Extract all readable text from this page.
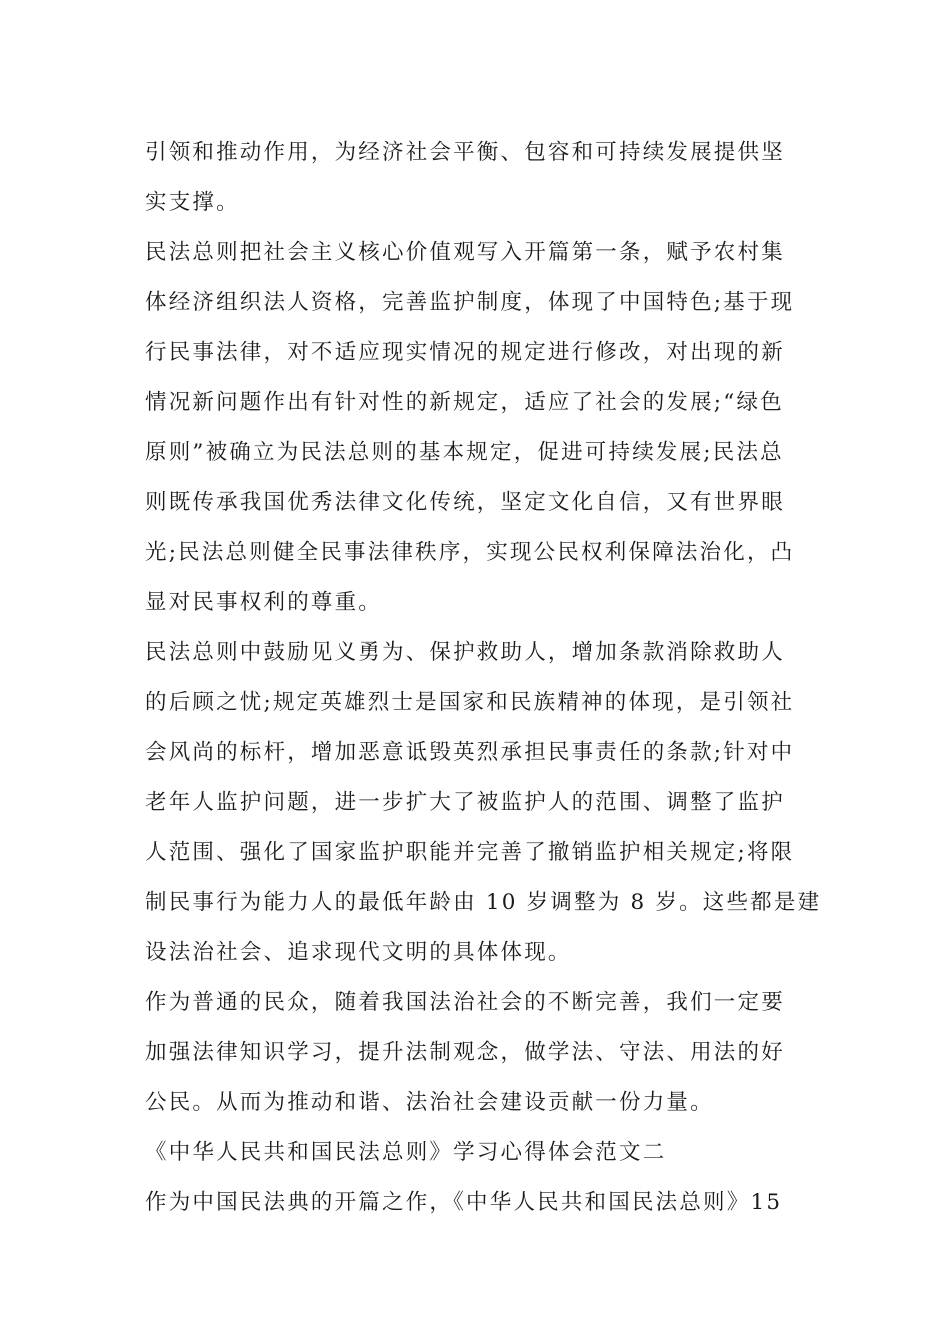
引领和推动作用，为经济社会平衡、包容和可持续发展提供坚
实支撑。
民法总则把社会主义核心价值观写入开篇第一条，赋予农村集
体经济组织法人资格，完善监护制度，体现了中国特色;基于现
行民事法律，对不适应现实情况的规定进行修改，对出现的新
情况新问题作出有针对性的新规定，适应了社会的发展;“绿色
原则”被确立为民法总则的基本规定，促进可持续发展;民法总
则既传承我国优秀法律文化传统，坚定文化自信，又有世界眼
光;民法总则健全民事法律秩序，实现公民权利保障法治化，凸
显对民事权利的尊重。
民法总则中鼓励见义勇为、保护救助人，增加条款消除救助人
的后顾之忧;规定英雄烈士是国家和民族精神的体现，是引领社
会风尚的标杆，增加恶意诋毁英烈承担民事责任的条款;针对中
老年人监护问题，进一步扩大了被监护人的范围、调整了监护
人范围、强化了国家监护职能并完善了撤销监护相关规定;将限
制民事行为能力人的最低年龄由 10 岁调整为 8 岁。这些都是建
设法治社会、追求现代文明的具体体现。
作为普通的民众，随着我国法治社会的不断完善，我们一定要
加强法律知识学习，提升法制观念，做学法、守法、用法的好
公民。从而为推动和谐、法治社会建设贡献一份力量。
《中华人民共和国民法总则》学习心得体会范文二
作为中国民法典的开篇之作，《中华人民共和国民法总则》15
